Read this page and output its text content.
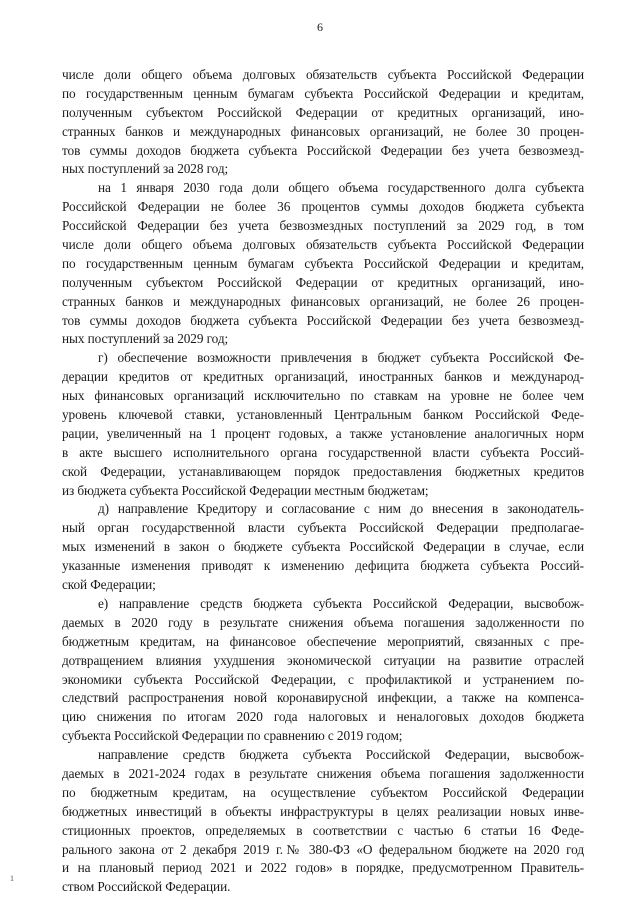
6
числе доли общего объема долговых обязательств субъекта Российской Федерации
по государственным ценным бумагам субъекта Российской Федерации и кредитам,
полученным субъектом Российской Федерации от кредитных организаций, ино-
странных банков и международных финансовых организаций, не более 30 процен-
тов суммы доходов бюджета субъекта Российской Федерации без учета безвозмезд-
ных поступлений за 2028 год;
на 1 января 2030 года доли общего объема государственного долга субъекта
Российской Федерации не более 36 процентов суммы доходов бюджета субъекта
Российской Федерации без учета безвозмездных поступлений за 2029 год, в том
числе доли общего объема долговых обязательств субъекта Российской Федерации
по государственным ценным бумагам субъекта Российской Федерации и кредитам,
полученным субъектом Российской Федерации от кредитных организаций, ино-
странных банков и международных финансовых организаций, не более 26 процен-
тов суммы доходов бюджета субъекта Российской Федерации без учета безвозмезд-
ных поступлений за 2029 год;
г) обеспечение возможности привлечения в бюджет субъекта Российской Фе-
дерации кредитов от кредитных организаций, иностранных банков и международ-
ных финансовых организаций исключительно по ставкам на уровне не более чем
уровень ключевой ставки, установленный Центральным банком Российской Феде-
рации, увеличенный на 1 процент годовых, а также установление аналогичных норм
в акте высшего исполнительного органа государственной власти субъекта Россий-
ской Федерации, устанавливающем порядок предоставления бюджетных кредитов
из бюджета субъекта Российской Федерации местным бюджетам;
д) направление Кредитору и согласование с ним до внесения в законодатель-
ный орган государственной власти субъекта Российской Федерации предполагае-
мых изменений в закон о бюджете субъекта Российской Федерации в случае, если
указанные изменения приводят к изменению дефицита бюджета субъекта Россий-
ской Федерации;
е) направление средств бюджета субъекта Российской Федерации, высвобож-
даемых в 2020 году в результате снижения объема погашения задолженности по
бюджетным кредитам, на финансовое обеспечение мероприятий, связанных с пре-
дотвращением влияния ухудшения экономической ситуации на развитие отраслей
экономики субъекта Российской Федерации, с профилактикой и устранением по-
следствий распространения новой коронавирусной инфекции, а также на компенса-
цию снижения по итогам 2020 года налоговых и неналоговых доходов бюджета
субъекта Российской Федерации по сравнению с 2019 годом;
направление средств бюджета субъекта Российской Федерации, высвобож-
даемых в 2021-2024 годах в результате снижения объема погашения задолженности
по бюджетным кредитам, на осуществление субъектом Российской Федерации
бюджетных инвестиций в объекты инфраструктуры в целях реализации новых инве-
стиционных проектов, определяемых в соответствии с частью 6 статьи 16 Феде-
рального закона от 2 декабря 2019 г.№ 380-ФЗ «О федеральном бюджете на 2020 год
и на плановый период 2021 и 2022 годов» в порядке, предусмотренном Правитель-
ством Российской Федерации.
1
